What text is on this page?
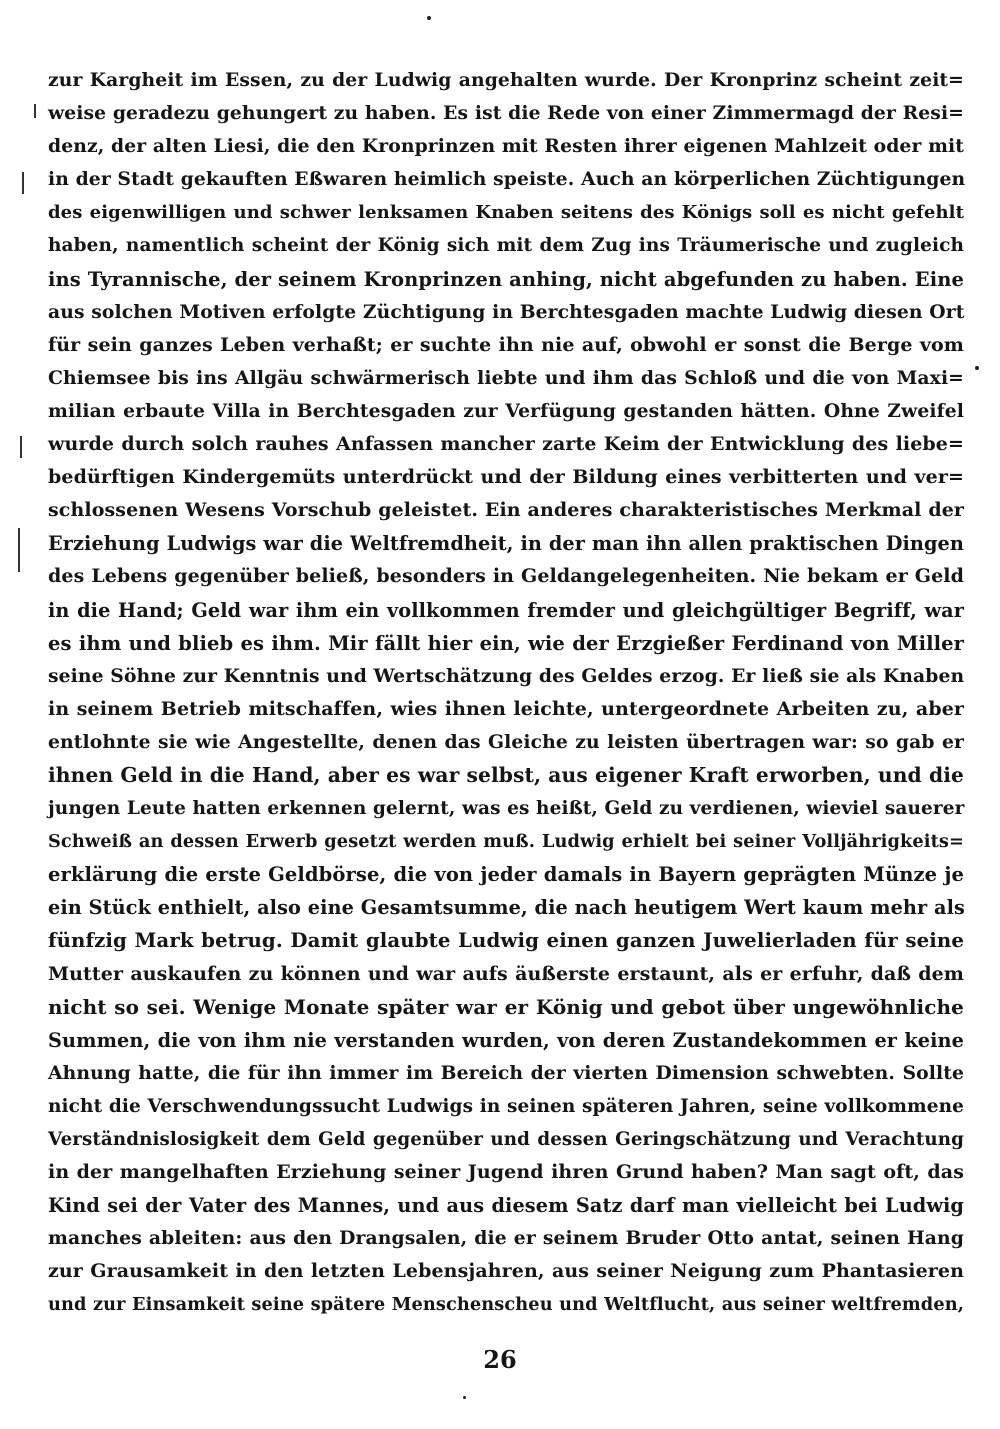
zur Kargheit im Essen, zu der Ludwig angehalten wurde. Der Kronprinz scheint zeit=
weise geradezu gehungert zu haben. Es ist die Rede von einer Zimmermagd der Resi=
denz, der alten Liesi, die den Kronprinzen mit Resten ihrer eigenen Mahlzeit oder mit
in der Stadt gekauften Eßwaren heimlich speiste. Auch an körperlichen Züchtigungen
des eigenwilligen und schwer lenksamen Knaben seitens des Königs soll es nicht gefehlt
haben, namentlich scheint der König sich mit dem Zug ins Träumerische und zugleich
ins Tyrannische, der seinem Kronprinzen anhing, nicht abgefunden zu haben. Eine
aus solchen Motiven erfolgte Züchtigung in Berchtesgaden machte Ludwig diesen Ort
für sein ganzes Leben verhaßt; er suchte ihn nie auf, obwohl er sonst die Berge vom
Chiemsee bis ins Allgäu schwärmerisch liebte und ihm das Schloß und die von Maxi=
milian erbaute Villa in Berchtesgaden zur Verfügung gestanden hätten. Ohne Zweifel
wurde durch solch rauhes Anfassen mancher zarte Keim der Entwicklung des liebe=
bedürftigen Kindergemüts unterdrückt und der Bildung eines verbitterten und ver=
schlossenen Wesens Vorschub geleistet. Ein anderes charakteristisches Merkmal der
Erziehung Ludwigs war die Weltfremdheit, in der man ihn allen praktischen Dingen
des Lebens gegenüber beließ, besonders in Geldangelegenheiten. Nie bekam er Geld
in die Hand; Geld war ihm ein vollkommen fremder und gleichgültiger Begriff, war
es ihm und blieb es ihm. Mir fällt hier ein, wie der Erzgießer Ferdinand von Miller
seine Söhne zur Kenntnis und Wertschätzung des Geldes erzog. Er ließ sie als Knaben
in seinem Betrieb mitschaffen, wies ihnen leichte, untergeordnete Arbeiten zu, aber
entlohnte sie wie Angestellte, denen das Gleiche zu leisten übertragen war: so gab er
ihnen Geld in die Hand, aber es war selbst, aus eigener Kraft erworben, und die
jungen Leute hatten erkennen gelernt, was es heißt, Geld zu verdienen, wieviel sauerer
Schweiß an dessen Erwerb gesetzt werden muß. Ludwig erhielt bei seiner Volljährigkeits=
erklärung die erste Geldbörse, die von jeder damals in Bayern geprägten Münze je
ein Stück enthielt, also eine Gesamtsumme, die nach heutigem Wert kaum mehr als
fünfzig Mark betrug. Damit glaubte Ludwig einen ganzen Juwelierladen für seine
Mutter auskaufen zu können und war aufs äußerste erstaunt, als er erfuhr, daß dem
nicht so sei. Wenige Monate später war er König und gebot über ungewöhnliche
Summen, die von ihm nie verstanden wurden, von deren Zustandekommen er keine
Ahnung hatte, die für ihn immer im Bereich der vierten Dimension schwebten. Sollte
nicht die Verschwendungssucht Ludwigs in seinen späteren Jahren, seine vollkommene
Verständnislosigkeit dem Geld gegenüber und dessen Geringschätzung und Verachtung
in der mangelhaften Erziehung seiner Jugend ihren Grund haben? Man sagt oft, das
Kind sei der Vater des Mannes, und aus diesem Satz darf man vielleicht bei Ludwig
manches ableiten: aus den Drangsalen, die er seinem Bruder Otto antat, seinen Hang
zur Grausamkeit in den letzten Lebensjahren, aus seiner Neigung zum Phantasieren
und zur Einsamkeit seine spätere Menschenscheu und Weltflucht, aus seiner weltfremden,
26
